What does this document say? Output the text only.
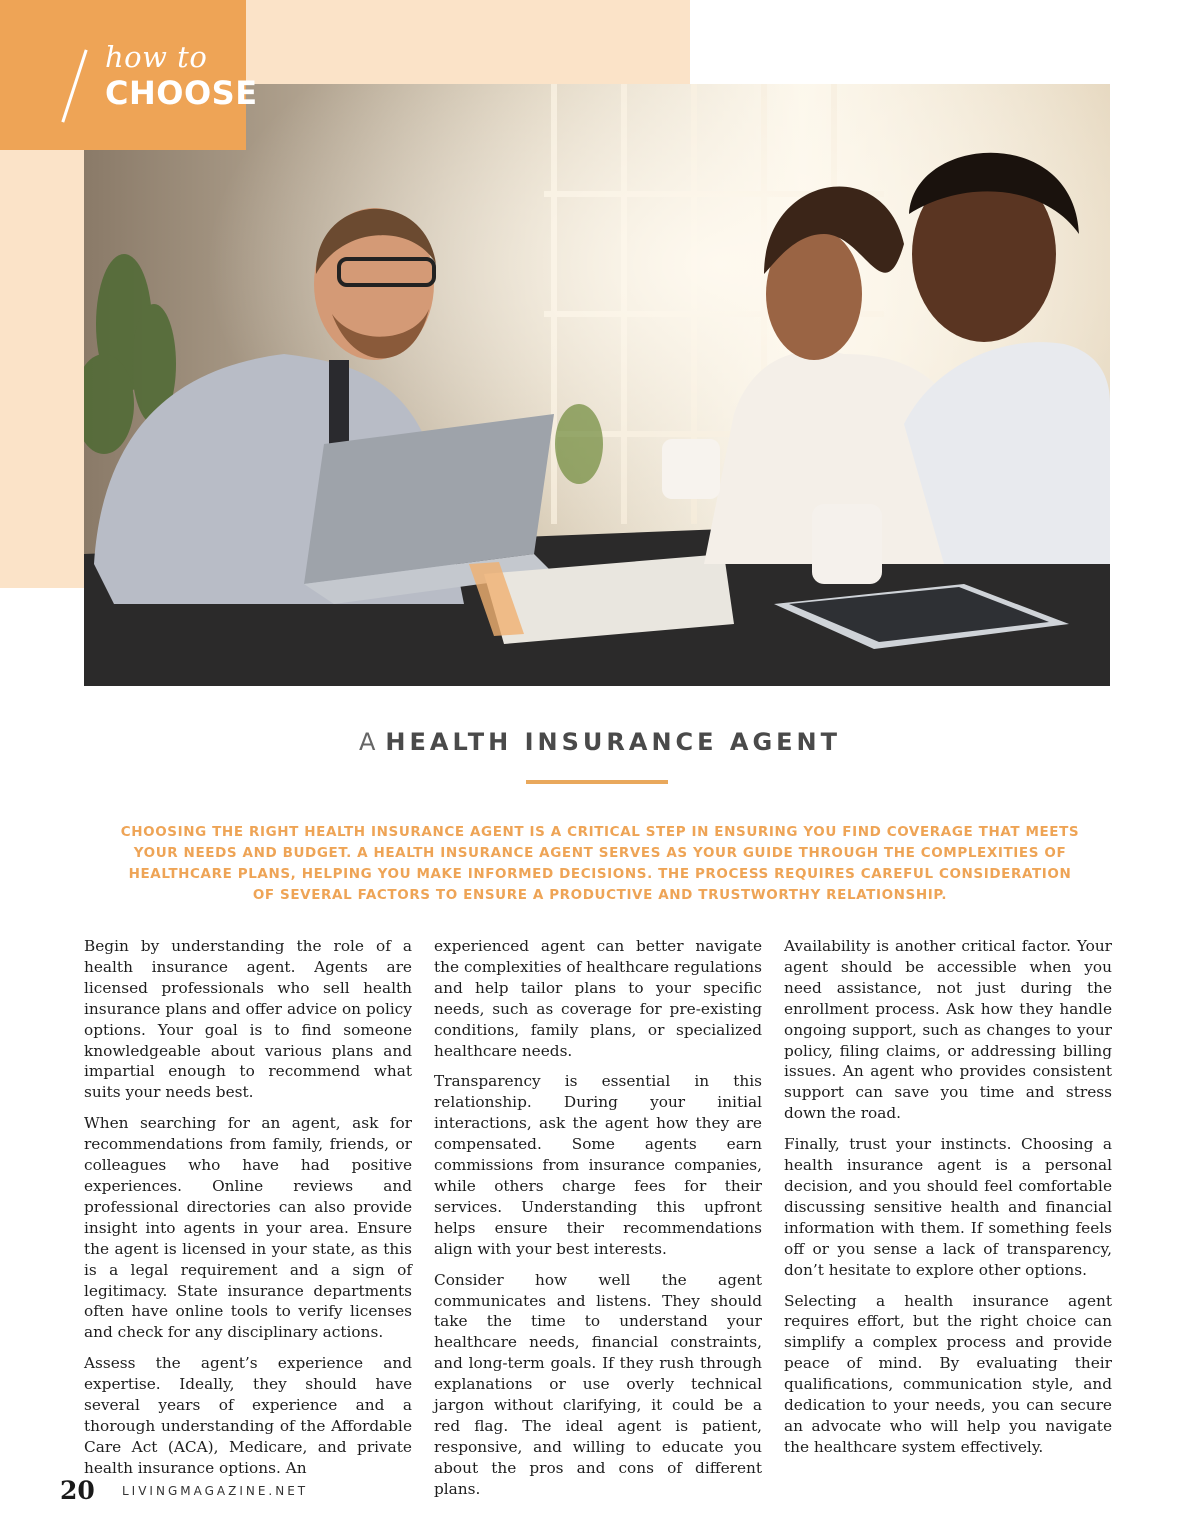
how to
CHOOSE
A HEALTH INSURANCE AGENT
CHOOSING THE RIGHT HEALTH INSURANCE AGENT IS A CRITICAL STEP IN ENSURING YOU FIND COVERAGE THAT MEETS YOUR NEEDS AND BUDGET. A HEALTH INSURANCE AGENT SERVES AS YOUR GUIDE THROUGH THE COMPLEXITIES OF HEALTHCARE PLANS, HELPING YOU MAKE INFORMED DECISIONS. THE PROCESS REQUIRES CAREFUL CONSIDERATION OF SEVERAL FACTORS TO ENSURE A PRODUCTIVE AND TRUSTWORTHY RELATIONSHIP.

Begin by understanding the role of a health insurance agent. Agents are licensed professionals who sell health insurance plans and offer advice on policy options. Your goal is to find someone knowledgeable about various plans and impartial enough to recommend what suits your needs best.

When searching for an agent, ask for recommendations from family, friends, or colleagues who have had positive experiences. Online reviews and professional directories can also provide insight into agents in your area. Ensure the agent is licensed in your state, as this is a legal requirement and a sign of legitimacy. State insurance departments often have online tools to verify licenses and check for any disciplinary actions.

Assess the agent’s experience and expertise. Ideally, they should have several years of experience and a thorough understanding of the Affordable Care Act (ACA), Medicare, and private health insurance options. An

experienced agent can better navigate the complexities of healthcare regulations and help tailor plans to your specific needs, such as coverage for pre-existing conditions, family plans, or specialized healthcare needs.

Transparency is essential in this relationship. During your initial interactions, ask the agent how they are compensated. Some agents earn commissions from insurance companies, while others charge fees for their services. Understanding this upfront helps ensure their recommendations align with your best interests.

Consider how well the agent communicates and listens. They should take the time to understand your healthcare needs, financial constraints, and long-term goals. If they rush through explanations or use overly technical jargon without clarifying, it could be a red flag. The ideal agent is patient, responsive, and willing to educate you about the pros and cons of different plans.

Availability is another critical factor. Your agent should be accessible when you need assistance, not just during the enrollment process. Ask how they handle ongoing support, such as changes to your policy, filing claims, or addressing billing issues. An agent who provides consistent support can save you time and stress down the road.

Finally, trust your instincts. Choosing a health insurance agent is a personal decision, and you should feel comfortable discussing sensitive health and financial information with them. If something feels off or you sense a lack of transparency, don’t hesitate to explore other options.

Selecting a health insurance agent requires effort, but the right choice can simplify a complex process and provide peace of mind. By evaluating their qualifications, communication style, and dedication to your needs, you can secure an advocate who will help you navigate the healthcare system effectively.

20 LIVINGMAGAZINE.NET
